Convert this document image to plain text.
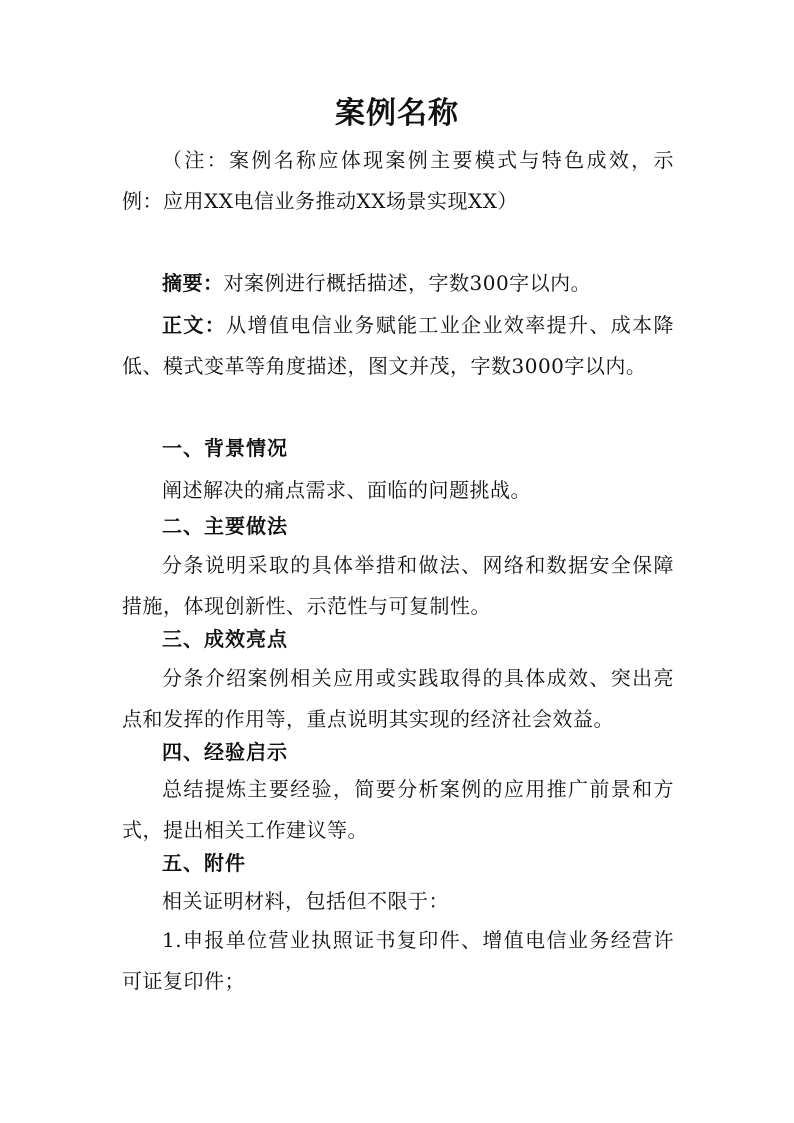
案例名称

（注：案例名称应体现案例主要模式与特色成效，示例：应用XX电信业务推动XX场景实现XX）

摘要：对案例进行概括描述，字数300字以内。

正文：从增值电信业务赋能工业企业效率提升、成本降低、模式变革等角度描述，图文并茂，字数3000字以内。

一、背景情况

阐述解决的痛点需求、面临的问题挑战。

二、主要做法

分条说明采取的具体举措和做法、网络和数据安全保障措施，体现创新性、示范性与可复制性。

三、成效亮点

分条介绍案例相关应用或实践取得的具体成效、突出亮点和发挥的作用等，重点说明其实现的经济社会效益。

四、经验启示

总结提炼主要经验，简要分析案例的应用推广前景和方式，提出相关工作建议等。

五、附件

相关证明材料，包括但不限于：

1.申报单位营业执照证书复印件、增值电信业务经营许可证复印件；
